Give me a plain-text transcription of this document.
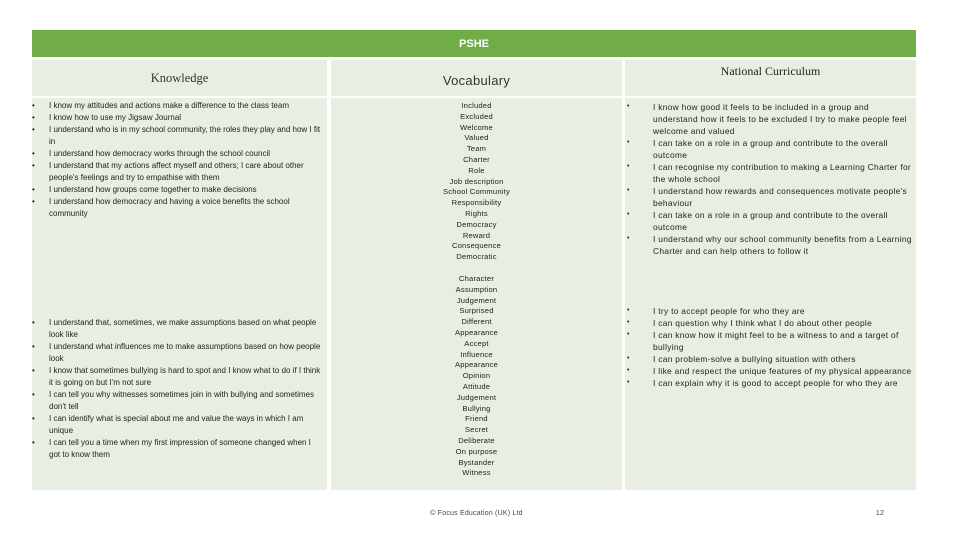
PSHE
Knowledge	Vocabulary
National Curriculum
• I know my attitudes and actions make a difference to the class team
• I know how to use my Jigsaw Journal
• I understand who is in my school community, the roles they play and how I fit in
• I understand how democracy works through the school council
• I understand that my actions affect myself and others; I care about other people's feelings and try to empathise with them
• I understand how groups come together to make decisions
• I understand how democracy and having a voice benefits the school community
• I understand that, sometimes, we make assumptions based on what people look like
• I understand what influences me to make assumptions based on how people look
• I know that sometimes bullying is hard to spot and I know what to do if I think it is going on but I'm not sure
• I can tell you why witnesses sometimes join in with bullying and sometimes don't tell
• I can identify what is special about me and value the ways in which I am unique
• I can tell you a time when my first impression of someone changed when I got to know them
Included
Excluded
Welcome
Valued
Team
Charter
Role
Job description
School Community
Responsibility
Rights
Democracy
Reward
Consequence
Democratic
Character
Assumption
Judgement
Surprised
Different
Appearance
Accept
Influence
Appearance
Opinion
Attitude
Judgement
Bullying
Friend
Secret
Deliberate
On purpose
Bystander
Witness
• I know how good it feels to be included in a group and understand how it feels to be excluded I try to make people feel welcome and valued
• I can take on a role in a group and contribute to the overall outcome
• I can recognise my contribution to making a Learning Charter for the whole school
• I understand how rewards and consequences motivate people's behaviour
• I can take on a role in a group and contribute to the overall outcome
• I understand why our school community benefits from a Learning Charter and can help others to follow it
• I try to accept people for who they are
• I can question why I think what I do about other people
• I can know how it might feel to be a witness to and a target of bullying
• I can problem-solve a bullying situation with others
• I like and respect the unique features of my physical appearance
• I can explain why it is good to accept people for who they are
© Focus Education (UK) Ltd	12
